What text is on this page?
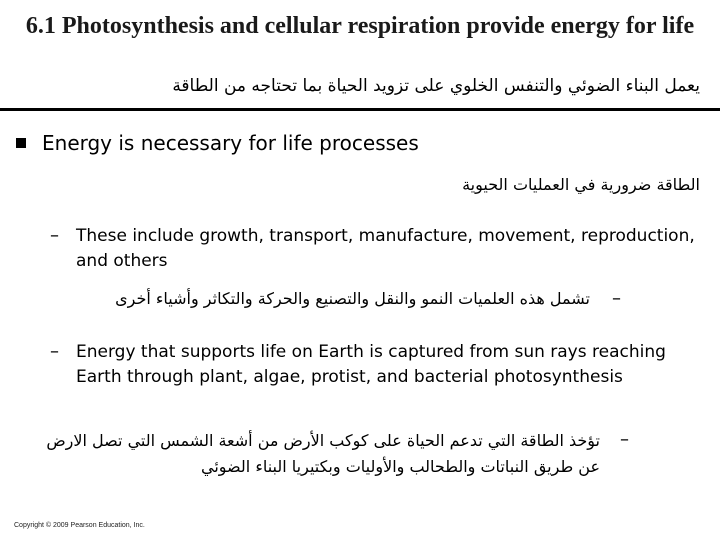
6.1 Photosynthesis and cellular respiration provide energy for life
يعمل البناء الضوئي والتنفس الخلوي على تزويد الحياة بما تحتاجه من الطاقة
Energy is necessary for life processes
الطاقة ضرورية في العمليات الحيوية
– These include growth, transport, manufacture, movement, reproduction, and others
تشمل هذه العلميات النمو والنقل والتصنيع والحركة والتكاثر وأشياء أخرى –
– Energy that supports life on Earth is captured from sun rays reaching Earth through plant, algae, protist, and bacterial photosynthesis
تؤخذ الطاقة التي تدعم الحياة على كوكب الأرض من أشعة الشمس التي تصل الارض عن طريق النباتات والطحالب والأوليات وبكتيريا البناء الضوئي
–
Copyright © 2009 Pearson Education, Inc.
